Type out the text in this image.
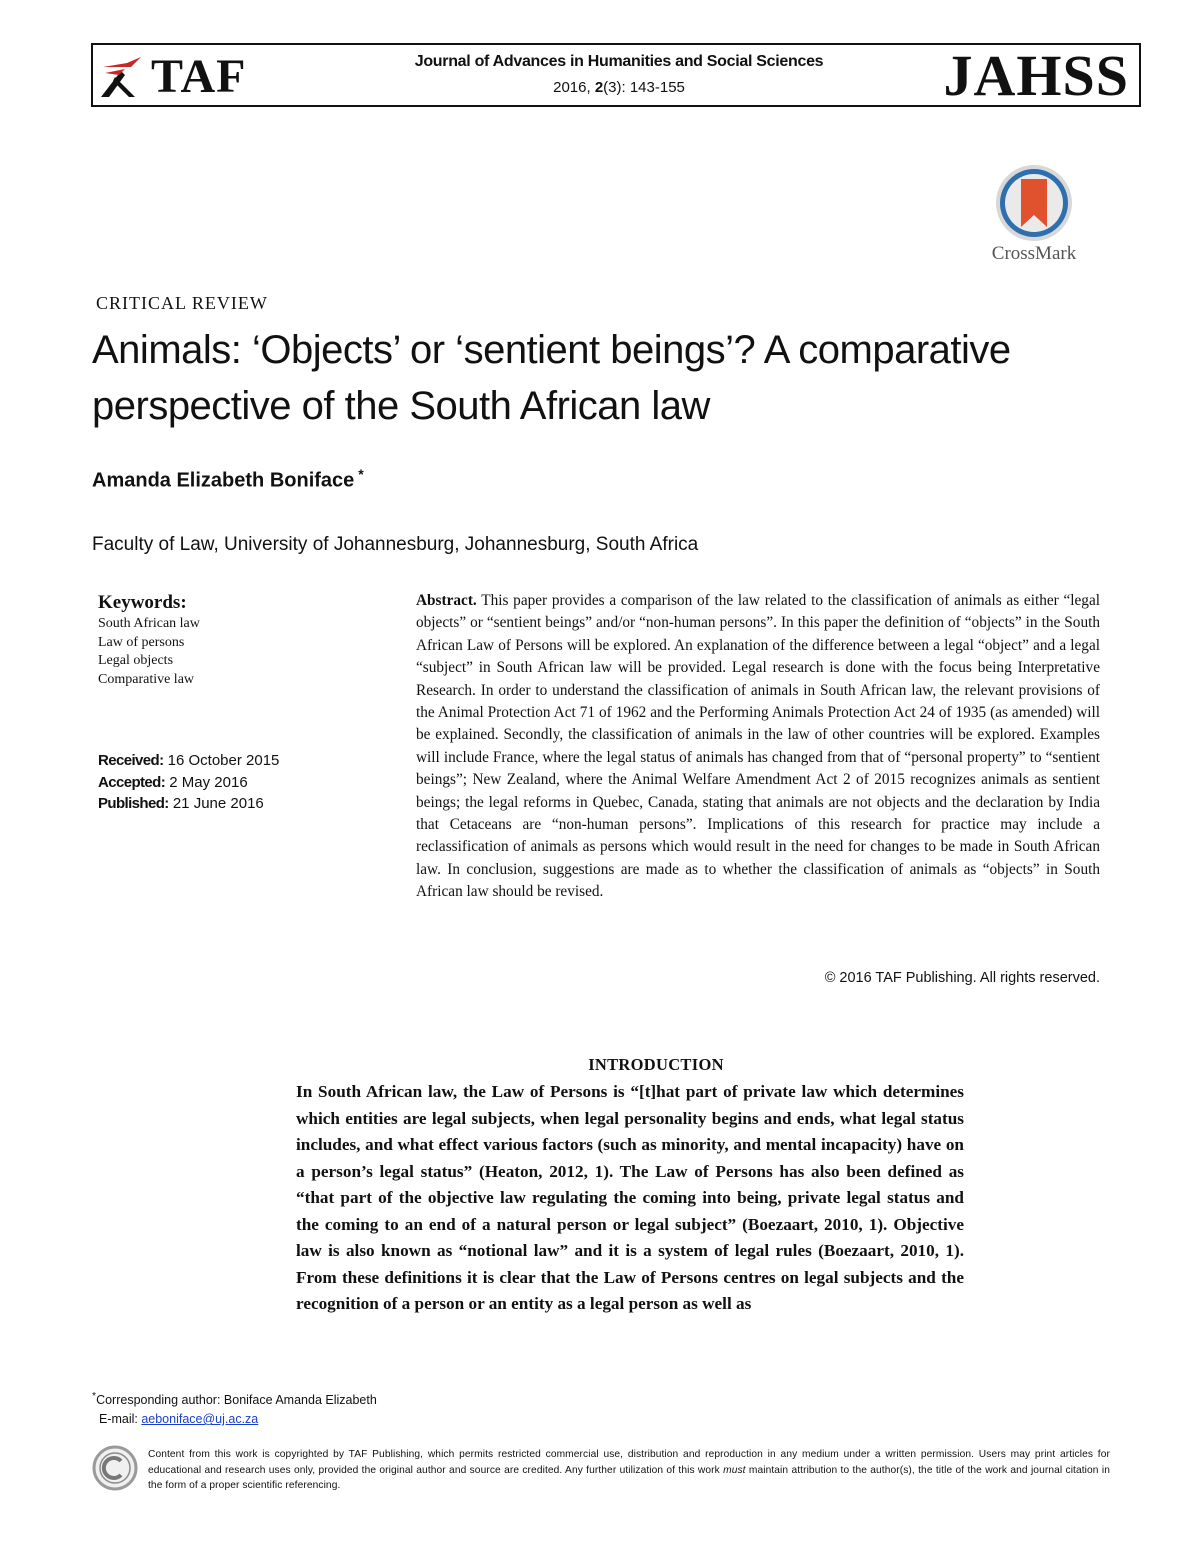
TAF	Journal of Advances in Humanities and Social Sciences
2016, 2(3): 143-155	JAHSS
CrossMark
CRITICAL REVIEW
Animals: ‘Objects’ or ‘sentient beings’? A comparative perspective of the South African law
Amanda Elizabeth Boniface *
Faculty of Law, University of Johannesburg, Johannesburg, South Africa
Keywords:
South African law
Law of persons
Legal objects
Comparative law
Received: 16 October 2015
Accepted: 2 May 2016
Published: 21 June 2016
Abstract. This paper provides a comparison of the law related to the classification of animals as either “legal objects” or “sentient beings” and/or “non-human persons”. In this paper the definition of “objects” in the South African Law of Persons will be explored. An explanation of the difference between a legal “object” and a legal “subject” in South African law will be provided. Legal research is done with the focus being Interpretative Research. In order to understand the classification of animals in South African law, the relevant provisions of the Animal Protection Act 71 of 1962 and the Performing Animals Protection Act 24 of 1935 (as amended) will be explained. Secondly, the classification of animals in the law of other countries will be explored. Examples will include France, where the legal status of animals has changed from that of “personal property” to “sentient beings”; New Zealand, where the Animal Welfare Amendment Act 2 of 2015 recognizes animals as sentient beings; the legal reforms in Quebec, Canada, stating that animals are not objects and the declaration by India that Cetaceans are “non-human persons”. Implications of this research for practice may include a reclassification of animals as persons which would result in the need for changes to be made in South African law. In conclusion, suggestions are made as to whether the classification of animals as “objects” in South African law should be revised.
© 2016 TAF Publishing. All rights reserved.
INTRODUCTION
In South African law, the Law of Persons is “[t]hat part of private law which determines which entities are legal subjects, when legal personality begins and ends, what legal status includes, and what effect various factors (such as minority, and mental incapacity) have on a person’s legal status” (Heaton, 2012, 1). The Law of Persons has also been defined as “that part of the objective law regulating the coming into being, private legal status and the coming to an end of a natural person or legal subject” (Boezaart, 2010, 1). Objective law is also known as “notional law” and it is a system of legal rules (Boezaart, 2010, 1). From these definitions it is clear that the Law of Persons centres on legal subjects and the recognition of a person or an entity as a legal person as well as
*Corresponding author: Boniface Amanda Elizabeth
E-mail: aeboniface@uj.ac.za
Content from this work is copyrighted by TAF Publishing, which permits restricted commercial use, distribution and reproduction in any medium under a written permission. Users may print articles for educational and research uses only, provided the original author and source are credited. Any further utilization of this work must maintain attribution to the author(s), the title of the work and journal citation in the form of a proper scientific referencing.
